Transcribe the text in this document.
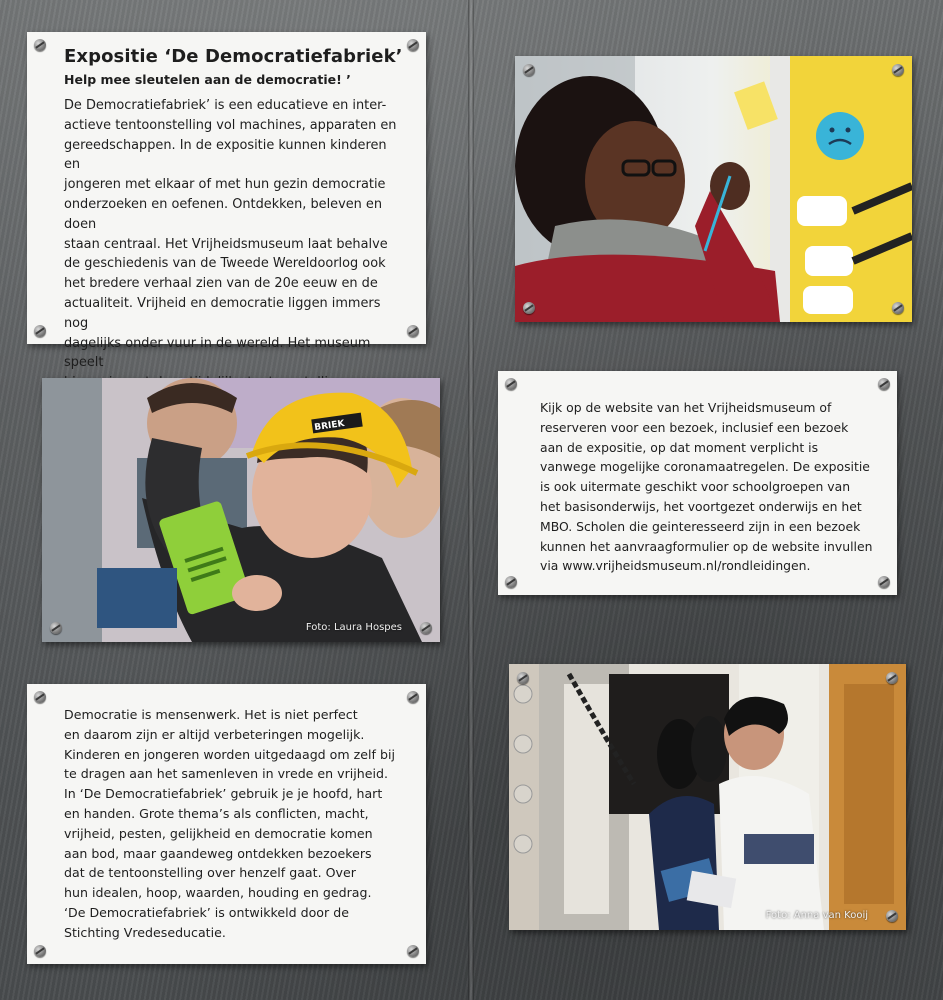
Expositie ‘De Democratiefabriek’
Help mee sleutelen aan de democratie! ’
De Democratiefabriek’ is een educatieve en inter-
actieve tentoonstelling vol machines, apparaten en
gereedschappen. In de expositie kunnen kinderen en
jongeren met elkaar of met hun gezin democratie
onderzoeken en oefenen. Ontdekken, beleven en doen
staan centraal. Het Vrijheidsmuseum laat behalve
de geschiedenis van de Tweede Wereldoorlog ook
het bredere verhaal zien van de 20e eeuw en de
actualiteit. Vrijheid en democratie liggen immers nog
dagelijks onder vuur in de wereld. Het museum speelt
BRIEK
Foto: Laura Hospes
Kijk op de website van het Vrijheidsmuseum of
reserveren voor een bezoek, inclusief een bezoek
aan de expositie, op dat moment verplicht is
vanwege mogelijke coronamaatregelen. De expositie
is ook uitermate geschikt voor schoolgroepen van
het basisonderwijs, het voortgezet onderwijs en het
MBO. Scholen die geinteresseerd zijn in een bezoek
kunnen het aanvraagformulier op de website invullen
via www.vrijheidsmuseum.nl/rondleidingen.
Democratie is mensenwerk. Het is niet perfect
en daarom zijn er altijd verbeteringen mogelijk.
Kinderen en jongeren worden uitgedaagd om zelf bij
te dragen aan het samenleven in vrede en vrijheid.
In ‘De Democratiefabriek’ gebruik je je hoofd, hart
en handen. Grote thema’s als conflicten, macht,
vrijheid, pesten, gelijkheid en democratie komen
aan bod, maar gaandeweg ontdekken bezoekers
dat de tentoonstelling over henzelf gaat. Over
hun idealen, hoop, waarden, houding en gedrag.
‘De Democratiefabriek’ is ontwikkeld door de
Stichting Vredeseducatie.
Foto: Anna van Kooij
